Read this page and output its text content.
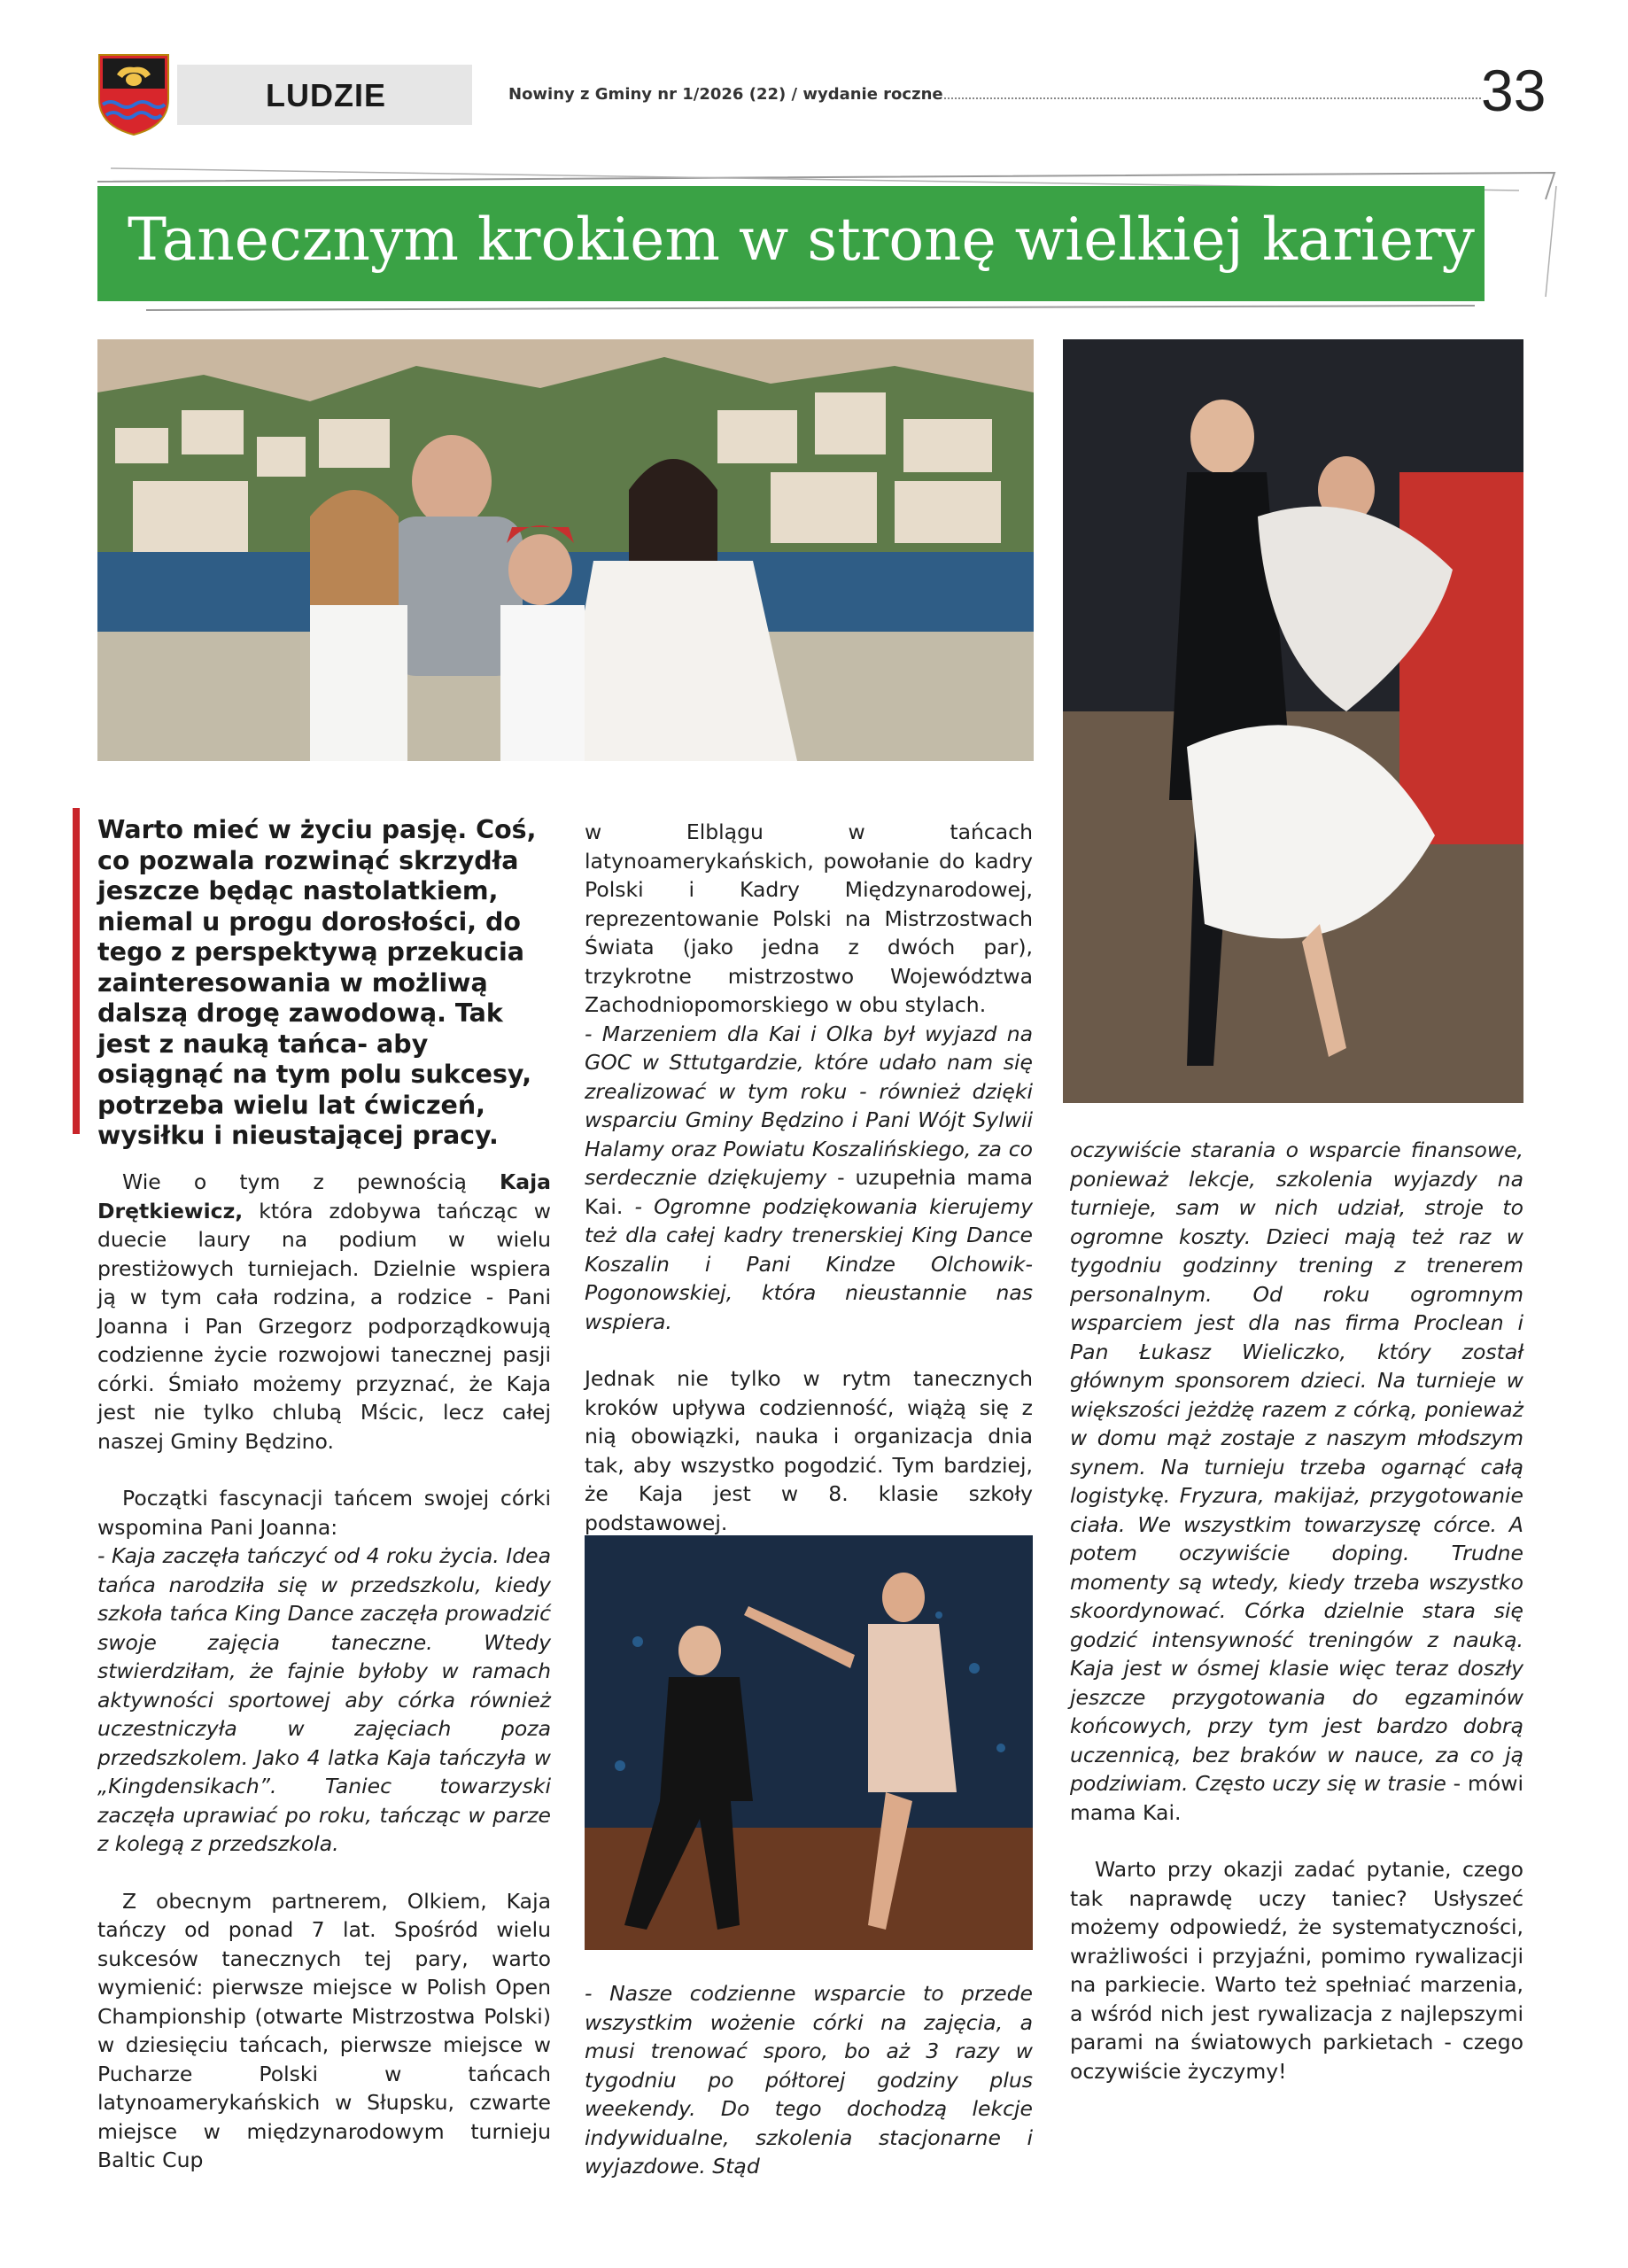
LUDZIE	Nowiny z Gminy nr 1/2026 (22) / wydanie roczne	33
Tanecznym krokiem w stronę wielkiej kariery
Warto mieć w życiu pasję. Coś, co pozwala rozwinąć skrzydła jeszcze będąc nastolatkiem, niemal u progu dorosłości, do tego z perspektywą przekucia zainteresowania w możliwą dalszą drogę zawodową. Tak jest z nauką tańca- aby osiągnąć na tym polu sukcesy, potrzeba wielu lat ćwiczeń, wysiłku i nieustającej pracy.

Wie o tym z pewnością Kaja Drętkiewicz, która zdobywa tańcząc w duecie laury na podium w wielu prestiżowych turniejach. Dzielnie wspiera ją w tym cała rodzina, a rodzice - Pani Joanna i Pan Grzegorz podporządkowują codzienne życie rozwojowi tanecznej pasji córki. Śmiało możemy przyznać, że Kaja jest nie tylko chlubą Mścic, lecz całej naszej Gminy Będzino.

Początki fascynacji tańcem swojej córki wspomina Pani Joanna:

- Kaja zaczęła tańczyć od 4 roku życia. Idea tańca narodziła się w przedszkolu, kiedy szkoła tańca King Dance zaczęła prowadzić swoje zajęcia taneczne. Wtedy stwierdziłam, że fajnie byłoby w ramach aktywności sportowej aby córka również uczestniczyła w zajęciach poza przedszkolem. Jako 4 latka Kaja tańczyła w „Kingdensikach”. Taniec towarzyski zaczęła uprawiać po roku, tańcząc w parze z kolegą z przedszkola.

Z obecnym partnerem, Olkiem, Kaja tańczy od ponad 7 lat. Spośród wielu sukcesów tanecznych tej pary, warto wymienić: pierwsze miejsce w Polish Open Championship (otwarte Mistrzostwa Polski) w dziesięciu tańcach, pierwsze miejsce w Pucharze Polski w tańcach latynoamerykańskich w Słupsku, czwarte miejsce w międzynarodowym turnieju Baltic Cup

w Elblągu w tańcach latynoamerykańskich, powołanie do kadry Polski i Kadry Międzynarodowej, reprezentowanie Polski na Mistrzostwach Świata (jako jedna z dwóch par), trzykrotne mistrzostwo Województwa Zachodniopomorskiego w obu stylach.

- Marzeniem dla Kai i Olka był wyjazd na GOC w Sttutgardzie, które udało nam się zrealizować w tym roku - również dzięki wsparciu Gminy Będzino i Pani Wójt Sylwii Halamy oraz Powiatu Koszalińskiego, za co serdecznie dziękujemy - uzupełnia mama Kai. - Ogromne podziękowania kierujemy też dla całej kadry trenerskiej King Dance Koszalin i Pani Kindze Olchowik-Pogonowskiej, która nieustannie nas wspiera.

Jednak nie tylko w rytm tanecznych kroków upływa codzienność, wiążą się z nią obowiązki, nauka i organizacja dnia tak, aby wszystko pogodzić. Tym bardziej, że Kaja jest w 8. klasie szkoły podstawowej.

- Nasze codzienne wsparcie to przede wszystkim wożenie córki na zajęcia, a musi trenować sporo, bo aż 3 razy w tygodniu po półtorej godziny plus weekendy. Do tego dochodzą lekcje indywidualne, szkolenia stacjonarne i wyjazdowe. Stąd

oczywiście starania o wsparcie finansowe, ponieważ lekcje, szkolenia wyjazdy na turnieje, sam w nich udział, stroje to ogromne koszty. Dzieci mają też raz w tygodniu godzinny trening z trenerem personalnym. Od roku ogromnym wsparciem jest dla nas firma Proclean i Pan Łukasz Wieliczko, który został głównym sponsorem dzieci. Na turnieje w większości jeżdżę razem z córką, ponieważ w domu mąż zostaje z naszym młodszym synem. Na turnieju trzeba ogarnąć całą logistykę. Fryzura, makijaż, przygotowanie ciała. We wszystkim towarzyszę córce. A potem oczywiście doping. Trudne momenty są wtedy, kiedy trzeba wszystko skoordynować. Córka dzielnie stara się godzić intensywność treningów z nauką. Kaja jest w ósmej klasie więc teraz doszły jeszcze przygotowania do egzaminów końcowych, przy tym jest bardzo dobrą uczennicą, bez braków w nauce, za co ją podziwiam. Często uczy się w trasie - mówi mama Kai.

Warto przy okazji zadać pytanie, czego tak naprawdę uczy taniec? Usłyszeć możemy odpowiedź, że systematyczności, wrażliwości i przyjaźni, pomimo rywalizacji na parkiecie. Warto też spełniać marzenia, a wśród nich jest rywalizacja z najlepszymi parami na światowych parkietach - czego oczywiście życzymy!
